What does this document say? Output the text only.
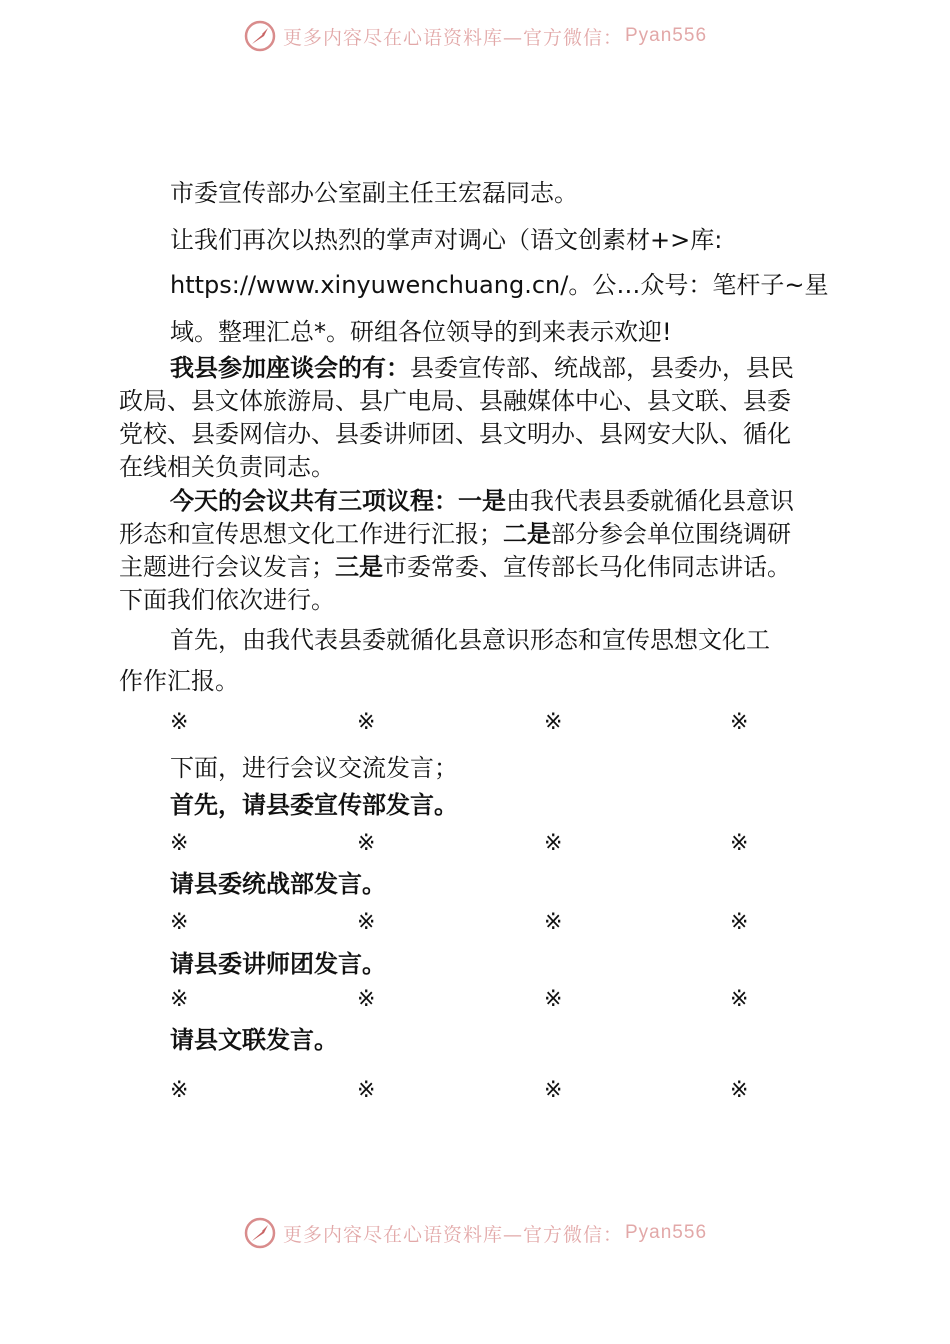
更多内容尽在心语资料库—官方微信： Pyan556
市委宣传部办公室副主任王宏磊同志。
让我们再次以热烈的掌声对调心（语文创素材+>库:
https://www.xinyuwenchuang.cn/。公…众号：笔杆子~星
域。整理汇总*。研组各位领导的到来表示欢迎!
我县参加座谈会的有：县委宣传部、统战部，县委办，县民
政局、县文体旅游局、县广电局、县融媒体中心、县文联、县委
党校、县委网信办、县委讲师团、县文明办、县网安大队、循化
在线相关负责同志。
今天的会议共有三项议程：一是由我代表县委就循化县意识
形态和宣传思想文化工作进行汇报；二是部分参会单位围绕调研
主题进行会议发言；三是市委常委、宣传部长马化伟同志讲话。
下面我们依次进行。
首先，由我代表县委就循化县意识形态和宣传思想文化工
作作汇报。
※	※	※	※
下面，进行会议交流发言；
首先，请县委宣传部发言。
※	※	※	※
请县委统战部发言。
※	※	※	※
请县委讲师团发言。
※	※	※	※
请县文联发言。
※	※	※	※
更多内容尽在心语资料库—官方微信： Pyan556
